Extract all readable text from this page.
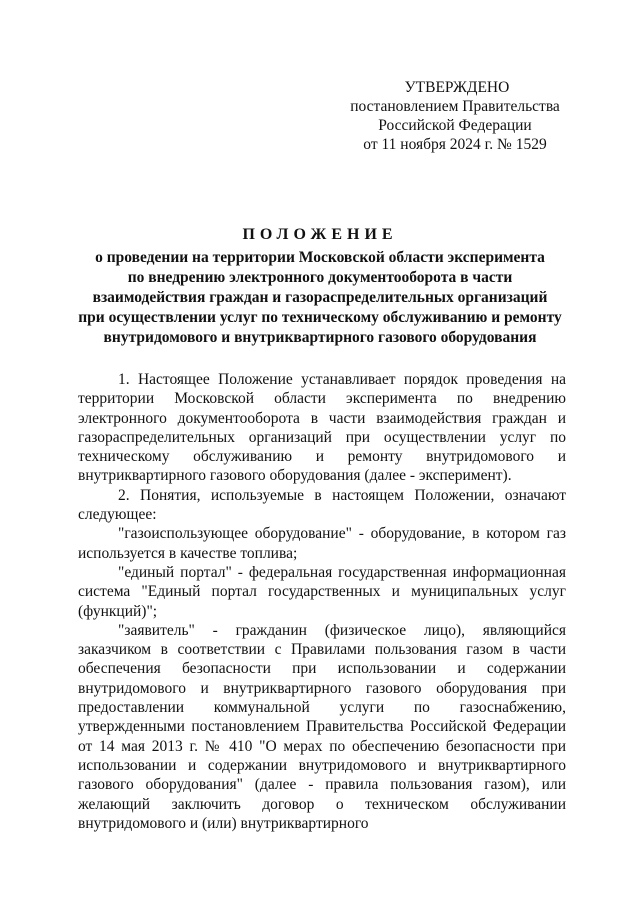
УТВЕРЖДЕНО
постановлением Правительства
Российской Федерации
от 11 ноября 2024 г. № 1529
ПОЛОЖЕНИЕ
о проведении на территории Московской области эксперимента
по внедрению электронного документооборота в части
взаимодействия граждан и газораспределительных организаций
при осуществлении услуг по техническому обслуживанию и ремонту
внутридомового и внутриквартирного газового оборудования

1. Настоящее Положение устанавливает порядок проведения на территории Московской области эксперимента по внедрению электронного документооборота в части взаимодействия граждан и газораспределительных организаций при осуществлении услуг по техническому обслуживанию и ремонту внутридомового и внутриквартирного газового оборудования (далее - эксперимент).

2. Понятия, используемые в настоящем Положении, означают следующее:

"газоиспользующее оборудование" - оборудование, в котором газ используется в качестве топлива;

"единый портал" - федеральная государственная информационная система "Единый портал государственных и муниципальных услуг (функций)";

"заявитель" - гражданин (физическое лицо), являющийся заказчиком в соответствии с Правилами пользования газом в части обеспечения безопасности при использовании и содержании внутридомового и внутриквартирного газового оборудования при предоставлении коммунальной услуги по газоснабжению, утвержденными постановлением Правительства Российской Федерации от 14 мая 2013 г. № 410 "О мерах по обеспечению безопасности при использовании и содержании внутридомового и внутриквартирного газового оборудования" (далее - правила пользования газом), или желающий заключить договор о техническом обслуживании внутридомового и (или) внутриквартирного
